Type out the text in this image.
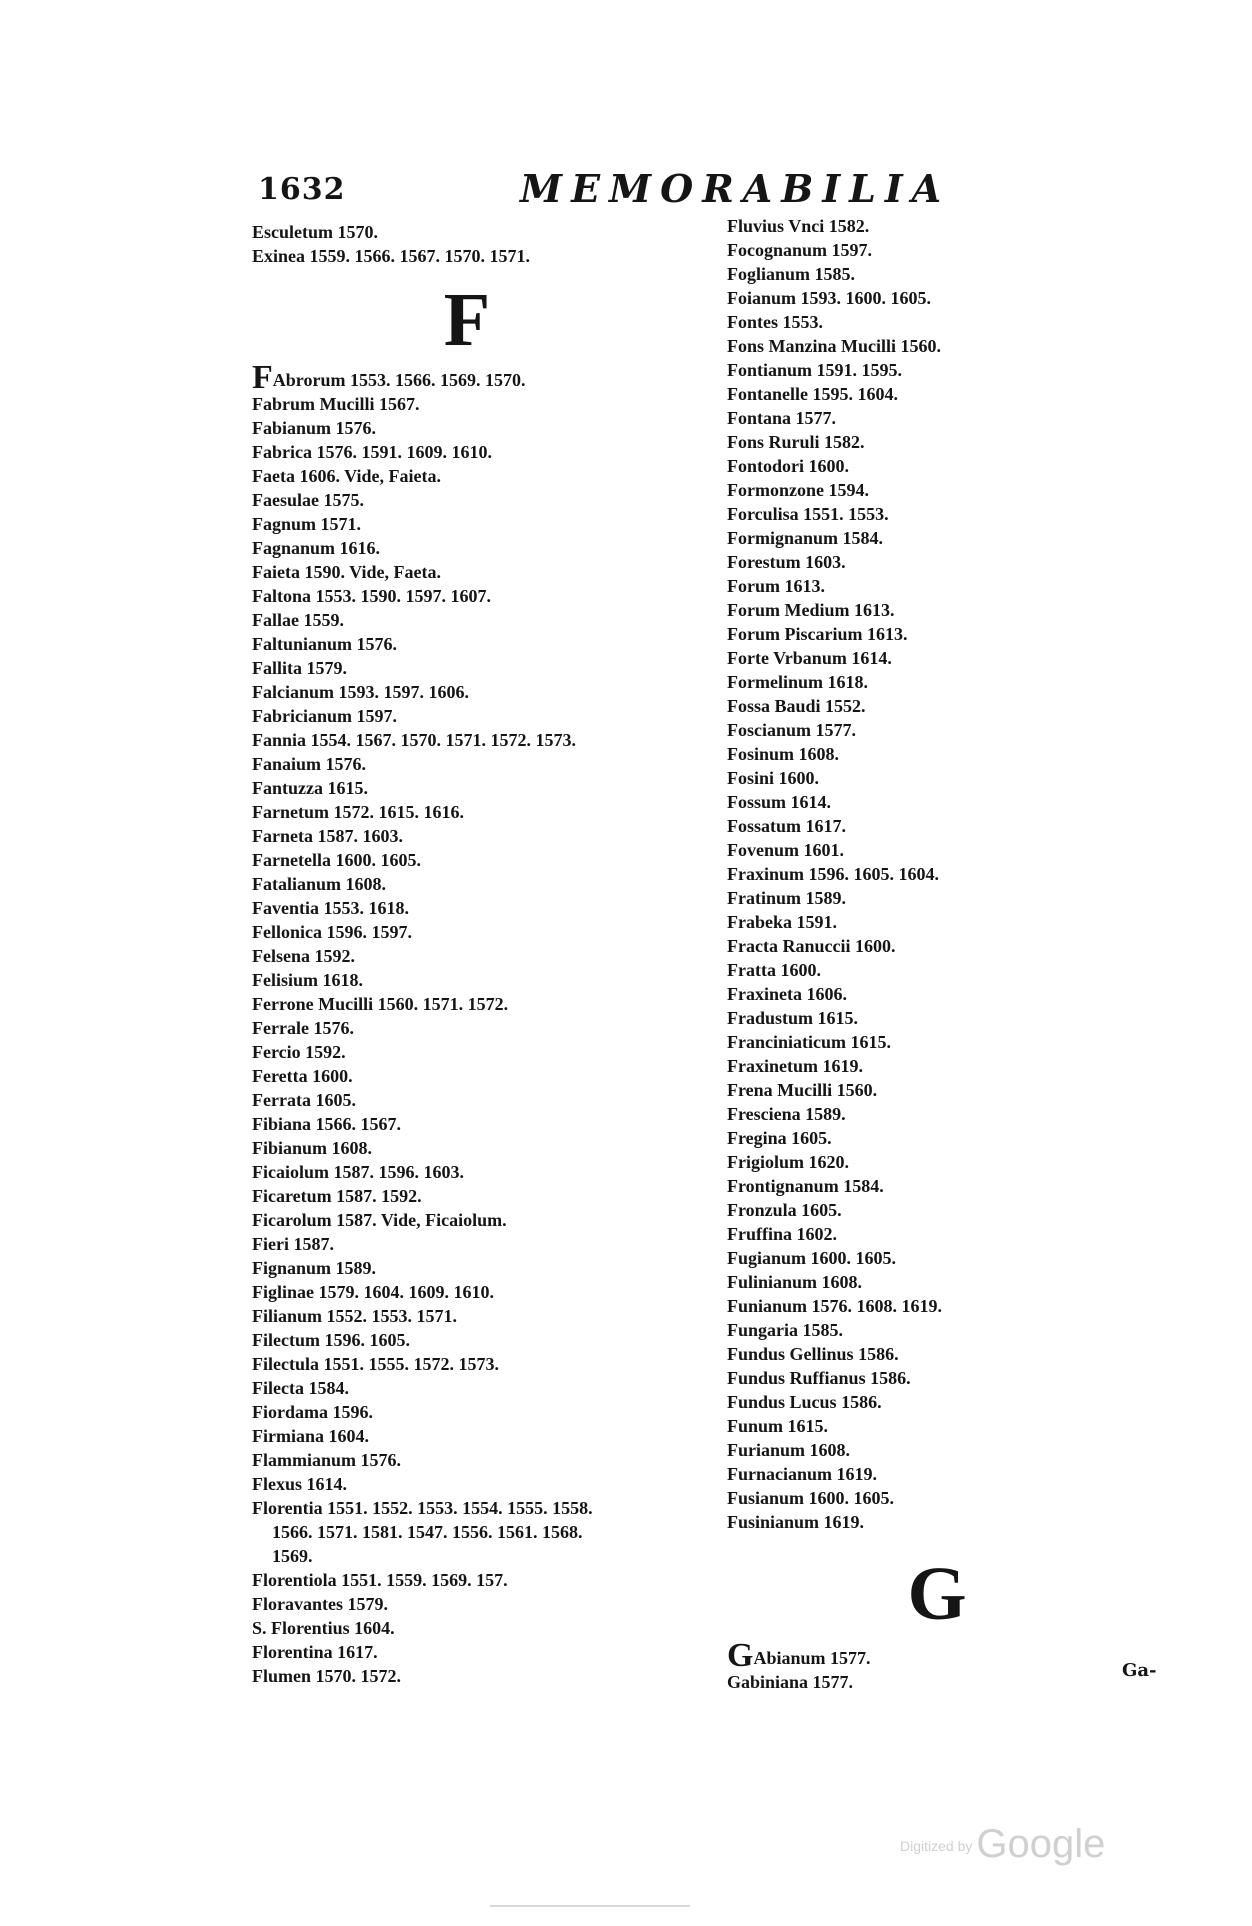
1632	MEMORABILIA
Esculetum 1570.
Exinea 1559. 1566. 1567. 1570. 1571.
F
FAbrorum 1553. 1566. 1569. 1570.
Fabrum Mucilli 1567.
Fabianum 1576.
Fabrica 1576. 1591. 1609. 1610.
Faeta 1606. Vide, Faieta.
Faesulae 1575.
Fagnum 1571.
Fagnanum 1616.
Faieta 1590. Vide, Faeta.
Faltona 1553. 1590. 1597. 1607.
Fallae 1559.
Faltunianum 1576.
Fallita 1579.
Falcianum 1593. 1597. 1606.
Fabricianum 1597.
Fannia 1554. 1567. 1570. 1571. 1572. 1573.
Fanaium 1576.
Fantuzza 1615.
Farnetum 1572. 1615. 1616.
Farneta 1587. 1603.
Farnetella 1600. 1605.
Fatalianum 1608.
Faventia 1553. 1618.
Fellonica 1596. 1597.
Felsena 1592.
Felisium 1618.
Ferrone Mucilli 1560. 1571. 1572.
Ferrale 1576.
Fercio 1592.
Feretta 1600.
Ferrata 1605.
Fibiana 1566. 1567.
Fibianum 1608.
Ficaiolum 1587. 1596. 1603.
Ficaretum 1587. 1592.
Ficarolum 1587. Vide, Ficaiolum.
Fieri 1587.
Fignanum 1589.
Figlinae 1579. 1604. 1609. 1610.
Filianum 1552. 1553. 1571.
Filectum 1596. 1605.
Filectula 1551. 1555. 1572. 1573.
Filecta 1584.
Fiordama 1596.
Firmiana 1604.
Flammianum 1576.
Flexus 1614.
Florentia 1551. 1552. 1553. 1554. 1555. 1558.
1566. 1571. 1581. 1547. 1556. 1561. 1568.
1569.
Florentiola 1551. 1559. 1569. 157.
Floravantes 1579.
S. Florentius 1604.
Florentina 1617.
Flumen 1570. 1572.
Fluvius Vnci 1582.
Focognanum 1597.
Foglianum 1585.
Foianum 1593. 1600. 1605.
Fontes 1553.
Fons Manzina Mucilli 1560.
Fontianum 1591. 1595.
Fontanelle 1595. 1604.
Fontana 1577.
Fons Ruruli 1582.
Fontodori 1600.
Formonzone 1594.
Forculisa 1551. 1553.
Formignanum 1584.
Forestum 1603.
Forum 1613.
Forum Medium 1613.
Forum Piscarium 1613.
Forte Vrbanum 1614.
Formelinum 1618.
Fossa Baudi 1552.
Foscianum 1577.
Fosinum 1608.
Fosini 1600.
Fossum 1614.
Fossatum 1617.
Fovenum 1601.
Fraxinum 1596. 1605. 1604.
Fratinum 1589.
Frabeka 1591.
Fracta Ranuccii 1600.
Fratta 1600.
Fraxineta 1606.
Fradustum 1615.
Franciniaticum 1615.
Fraxinetum 1619.
Frena Mucilli 1560.
Fresciena 1589.
Fregina 1605.
Frigiolum 1620.
Frontignanum 1584.
Fronzula 1605.
Fruffina 1602.
Fugianum 1600. 1605.
Fulinianum 1608.
Funianum 1576. 1608. 1619.
Fungaria 1585.
Fundus Gellinus 1586.
Fundus Ruffianus 1586.
Fundus Lucus 1586.
Funum 1615.
Furianum 1608.
Furnacianum 1619.
Fusianum 1600. 1605.
Fusinianum 1619.
G
GAbianum 1577.
Gabiniana 1577.
Ga-
Digitized by Google
